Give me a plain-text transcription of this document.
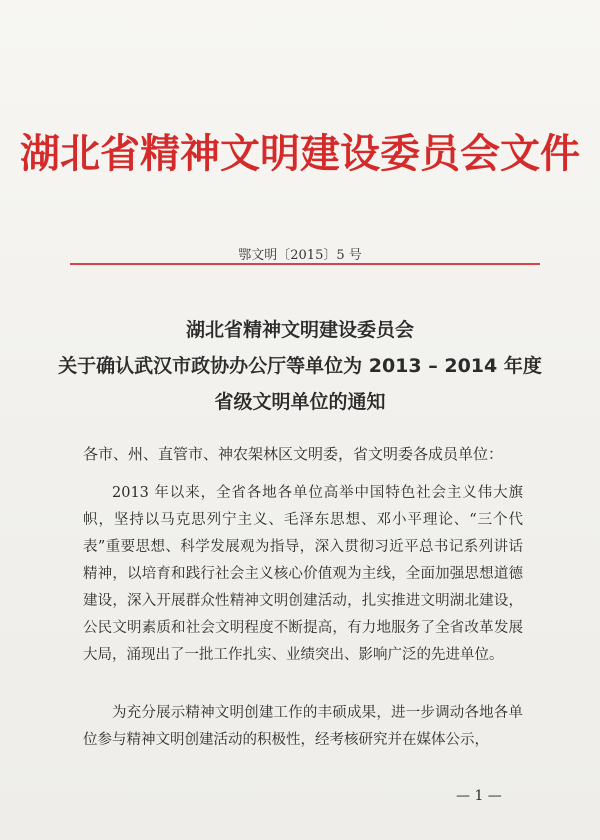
湖北省精神文明建设委员会文件
鄂文明〔2015〕5 号
湖北省精神文明建设委员会
关于确认武汉市政协办公厅等单位为 2013 – 2014 年度
省级文明单位的通知
各市、州、直管市、神农架林区文明委，省文明委各成员单位：

2013 年以来，全省各地各单位高举中国特色社会主义伟大旗帜，坚持以马克思列宁主义、毛泽东思想、邓小平理论、“三个代表”重要思想、科学发展观为指导，深入贯彻习近平总书记系列讲话精神，以培育和践行社会主义核心价值观为主线，全面加强思想道德建设，深入开展群众性精神文明创建活动，扎实推进文明湖北建设，公民文明素质和社会文明程度不断提高，有力地服务了全省改革发展大局，涌现出了一批工作扎实、业绩突出、影响广泛的先进单位。

为充分展示精神文明创建工作的丰硕成果，进一步调动各地各单位参与精神文明创建活动的积极性，经考核研究并在媒体公示，

— 1 —
